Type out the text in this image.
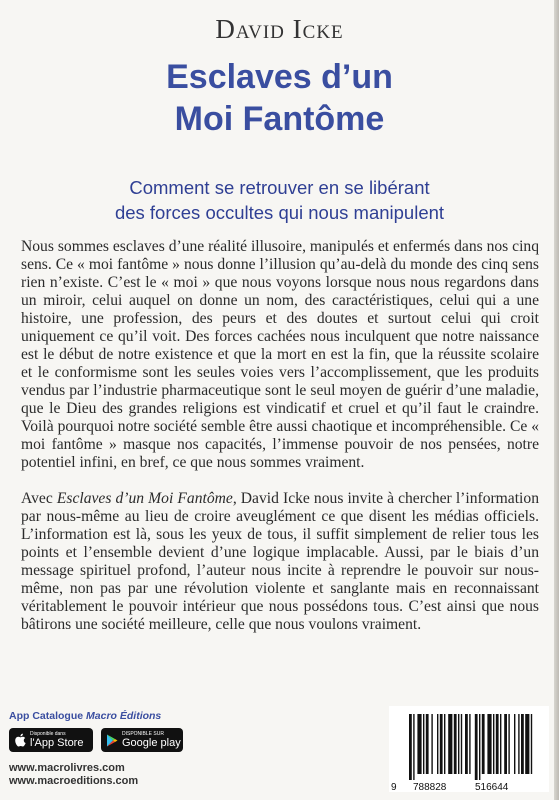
David Icke
Esclaves d’un
Moi Fantôme
Comment se retrouver en se libérant
des forces occultes qui nous manipulent

Nous sommes esclaves d’une réalité illusoire, manipulés et enfermés dans nos cinq sens. Ce « moi fantôme » nous donne l’illusion qu’au-delà du monde des cinq sens rien n’existe. C’est le « moi » que nous voyons lorsque nous nous regardons dans un miroir, celui auquel on donne un nom, des caractéristiques, celui qui a une histoire, une profession, des peurs et des doutes et surtout celui qui croit uniquement ce qu’il voit. Des forces cachées nous inculquent que notre naissance est le début de notre existence et que la mort en est la fin, que la réussite scolaire et le conformisme sont les seules voies vers l’accomplissement, que les produits vendus par l’industrie pharmaceutique sont le seul moyen de guérir d’une maladie, que le Dieu des grandes religions est vindicatif et cruel et qu’il faut le craindre. Voilà pourquoi notre société semble être aussi chaotique et incompréhensible. Ce « moi fantôme » masque nos capacités, l’immense pouvoir de nos pensées, notre potentiel infini, en bref, ce que nous sommes vraiment.

Avec Esclaves d’un Moi Fantôme, David Icke nous invite à chercher l’information par nous-même au lieu de croire aveuglément ce que disent les médias officiels. L’information est là, sous les yeux de tous, il suffit simplement de relier tous les points et l’ensemble devient d’une logique implacable. Aussi, par le biais d’un message spirituel profond, l’auteur nous incite à reprendre le pouvoir sur nous-même, non pas par une révolution violente et sanglante mais en reconnaissant véritablement le pouvoir intérieur que nous possédons tous. C’est ainsi que nous bâtirons une société meilleure, celle que nous voulons vraiment.

App Catalogue Macro Éditions
Disponible dans
l'App Store
DISPONIBLE SUR
Google play
www.macrolivres.com
www.macroeditions.com
9 788828	516644
